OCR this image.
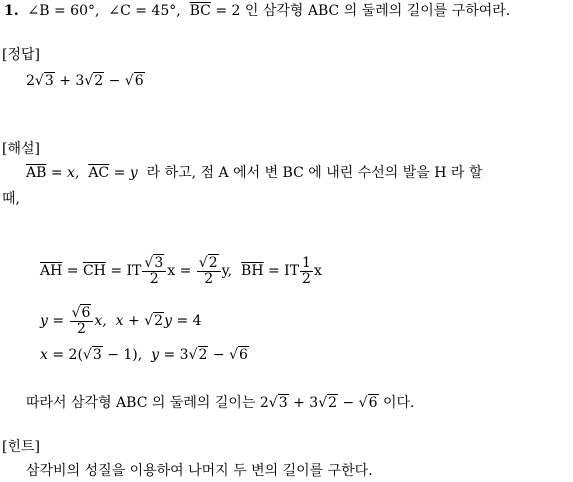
1. ∠B = 60°, ∠C = 45°, $\overline{BC} = 2$ 인 삼각형 ABC 의 둘레의 길이를 구하여라.
[정답]
2√3 + 3√2 − √6
[해설]
$\overline{AB} = x$, $\overline{AC} = y$ 라 하고, 점 A 에서 변 BC 에 내린 수선의 발을 H 라 할
때,
$\overline{AH} = \overline{CH}$ = IT $\frac{√3}{2}$ $x = \frac{√2}{2} y$, $\overline{BH}$ = IT $\frac{1}{2}$ x
$y = \frac{√6}{2} x$, x + √2y = 4
x = 2(√3 − 1), y = 3√2 − √6
따라서 삼각형 ABC 의 둘레의 길이는 2√3 + 3√2 − √6 이다.
[힌트]
삼각비의 성질을 이용하여 나머지 두 변의 길이를 구한다.
